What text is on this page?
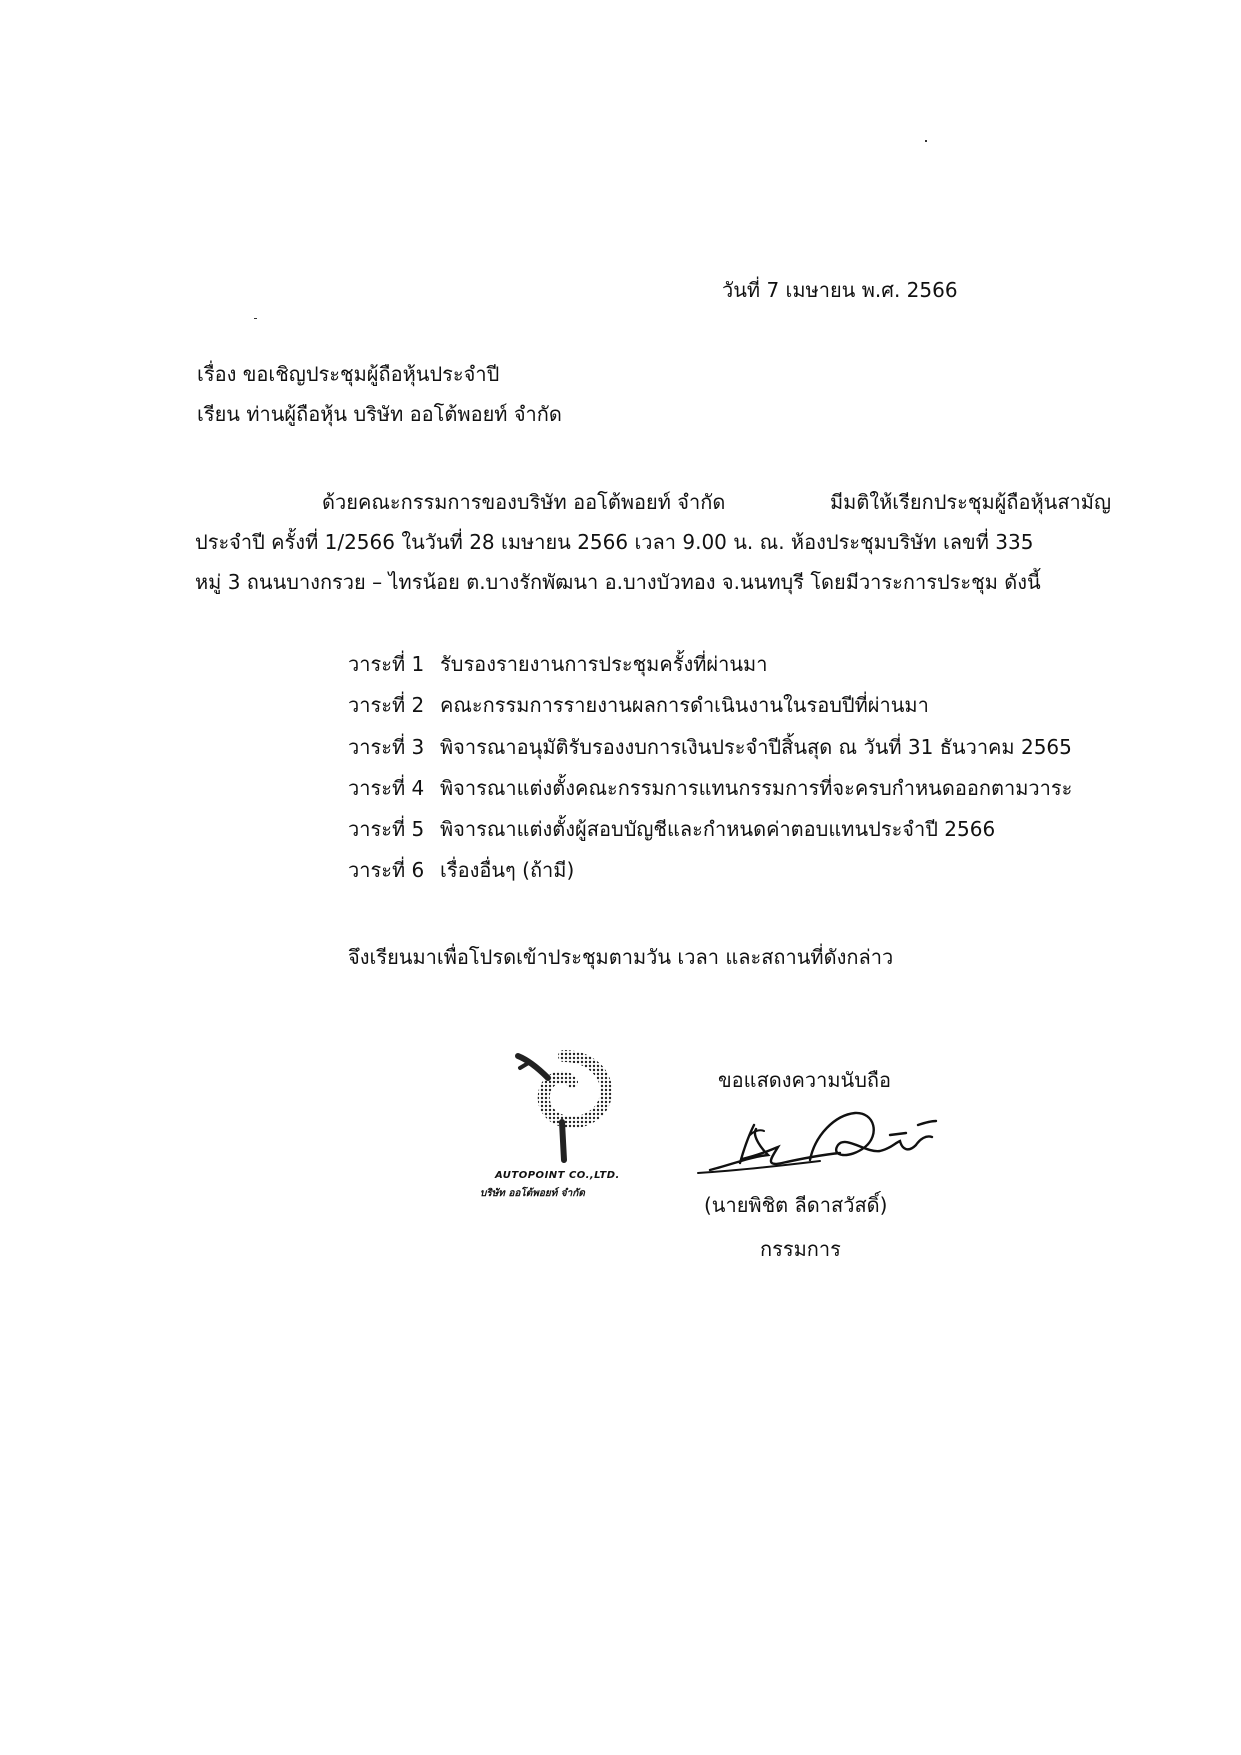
วันที่ 7 เมษายน พ.ศ. 2566
เรื่อง ขอเชิญประชุมผู้ถือหุ้นประจำปี
เรียน ท่านผู้ถือหุ้น บริษัท ออโต้พอยท์ จำกัด
ด้วยคณะกรรมการของบริษัท ออโต้พอยท์ จำกัด	มีมติให้เรียกประชุมผู้ถือหุ้นสามัญ
ประจำปี ครั้งที่ 1/2566 ในวันที่ 28 เมษายน 2566 เวลา 9.00 น. ณ. ห้องประชุมบริษัท เลขที่ 335
หมู่ 3 ถนนบางกรวย – ไทรน้อย ต.บางรักพัฒนา อ.บางบัวทอง จ.นนทบุรี โดยมีวาระการประชุม ดังนี้
วาระที่ 1 รับรองรายงานการประชุมครั้งที่ผ่านมา
วาระที่ 2 คณะกรรมการรายงานผลการดำเนินงานในรอบปีที่ผ่านมา
วาระที่ 3 พิจารณาอนุมัติรับรองงบการเงินประจำปีสิ้นสุด ณ วันที่ 31 ธันวาคม 2565
วาระที่ 4 พิจารณาแต่งตั้งคณะกรรมการแทนกรรมการที่จะครบกำหนดออกตามวาระ
วาระที่ 5 พิจารณาแต่งตั้งผู้สอบบัญชีและกำหนดค่าตอบแทนประจำปี 2566
วาระที่ 6 เรื่องอื่นๆ (ถ้ามี)
จึงเรียนมาเพื่อโปรดเข้าประชุมตามวัน เวลา และสถานที่ดังกล่าว
ขอแสดงความนับถือ
(นายพิชิต ลีดาสวัสดิ์)
กรรมการ
AUTOPOINT CO.,LTD.
บริษัท ออโต้พอยท์ จำกัด
